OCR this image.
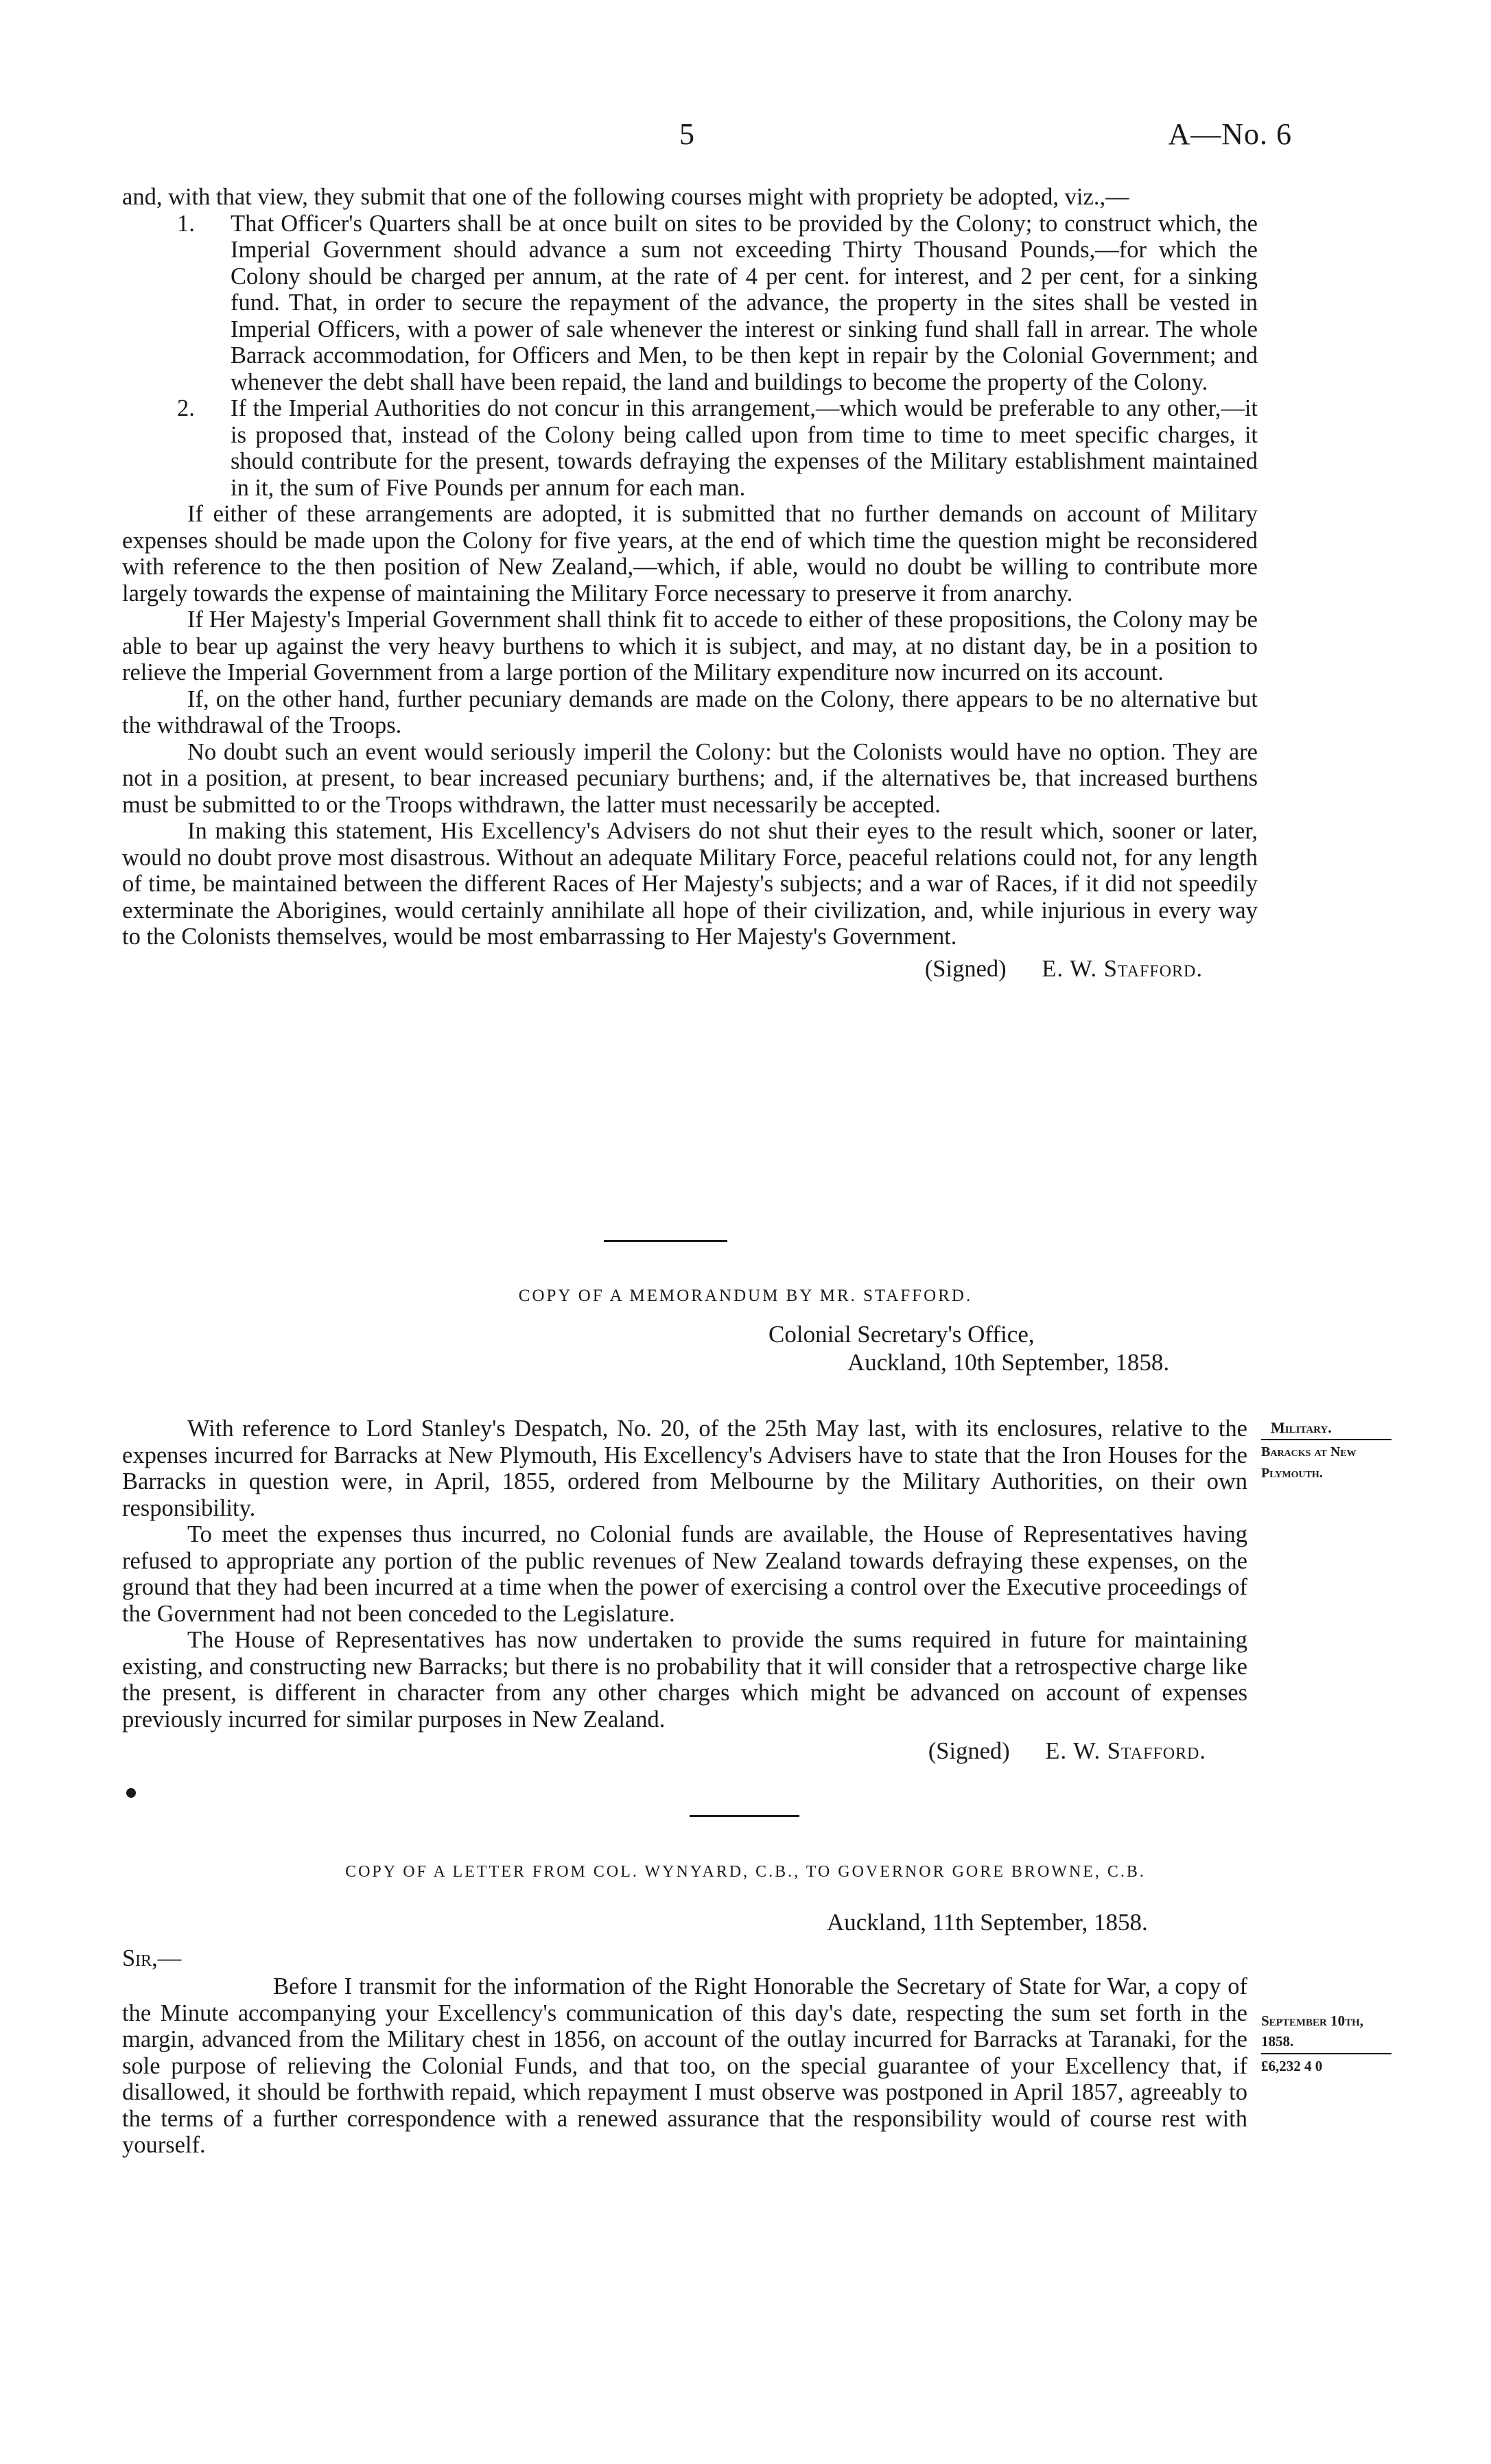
5	A—No. 6

and, with that view, they submit that one of the following courses might with propriety be adopted, viz.,—

1. That Officer's Quarters shall be at once built on sites to be provided by the Colony; to construct which, the Imperial Government should advance a sum not exceeding Thirty Thousand Pounds,—for which the Colony should be charged per annum, at the rate of 4 per cent. for interest, and 2 per cent, for a sinking fund. That, in order to secure the repayment of the advance, the property in the sites shall be vested in Imperial Officers, with a power of sale whenever the interest or sinking fund shall fall in arrear. The whole Barrack accommodation, for Officers and Men, to be then kept in repair by the Colonial Government; and whenever the debt shall have been repaid, the land and buildings to become the property of the Colony.
2. If the Imperial Authorities do not concur in this arrangement,—which would be preferable to any other,—it is proposed that, instead of the Colony being called upon from time to time to meet specific charges, it should contribute for the present, towards defraying the expenses of the Military establishment maintained in it, the sum of Five Pounds per annum for each man.

If either of these arrangements are adopted, it is submitted that no further demands on account of Military expenses should be made upon the Colony for five years, at the end of which time the question might be reconsidered with reference to the then position of New Zealand,—which, if able, would no doubt be willing to contribute more largely towards the expense of maintaining the Military Force necessary to preserve it from anarchy.

If Her Majesty's Imperial Government shall think fit to accede to either of these propositions, the Colony may be able to bear up against the very heavy burthens to which it is subject, and may, at no distant day, be in a position to relieve the Imperial Government from a large portion of the Military expenditure now incurred on its account.

If, on the other hand, further pecuniary demands are made on the Colony, there appears to be no alternative but the withdrawal of the Troops.

No doubt such an event would seriously imperil the Colony: but the Colonists would have no option. They are not in a position, at present, to bear increased pecuniary burthens; and, if the alternatives be, that increased burthens must be submitted to or the Troops withdrawn, the latter must necessarily be accepted.

In making this statement, His Excellency's Advisers do not shut their eyes to the result which, sooner or later, would no doubt prove most disastrous. Without an adequate Military Force, peaceful relations could not, for any length of time, be maintained between the different Races of Her Majesty's subjects; and a war of Races, if it did not speedily exterminate the Aborigines, would certainly annihilate all hope of their civilization, and, while injurious in every way to the Colonists themselves, would be most embarrassing to Her Majesty's Government.

(Signed) E. W. Stafford.

COPY OF A MEMORANDUM BY MR. STAFFORD.
Colonial Secretary's Office,
Auckland, 10th September, 1858.

With reference to Lord Stanley's Despatch, No. 20, of the 25th May last, with its enclosures, relative to the expenses incurred for Barracks at New Plymouth, His Excellency's Advisers have to state that the Iron Houses for the Barracks in question were, in April, 1855, ordered from Melbourne by the Military Authorities, on their own responsibility.

To meet the expenses thus incurred, no Colonial funds are available, the House of Representatives having refused to appropriate any portion of the public revenues of New Zealand towards defraying these expenses, on the ground that they had been incurred at a time when the power of exercising a control over the Executive proceedings of the Government had not been conceded to the Legislature.

The House of Representatives has now undertaken to provide the sums required in future for maintaining existing, and constructing new Barracks; but there is no probability that it will consider that a retrospective charge like the present, is different in character from any other charges which might be advanced on account of expenses previously incurred for similar purposes in New Zealand.

(Signed) E. W. Stafford.

Military.
Baracks at New
Plymouth.
COPY OF A LETTER FROM COL. WYNYARD, C.B., TO GOVERNOR GORE BROWNE, C.B.
Auckland, 11th September, 1858.
Sir,—

Before I transmit for the information of the Right Honorable the Secretary of State for War, a copy of the Minute accompanying your Excellency's communication of this day's date, respecting the sum set forth in the margin, advanced from the Military chest in 1856, on account of the outlay incurred for Barracks at Taranaki, for the sole purpose of relieving the Colonial Funds, and that too, on the special guarantee of your Excellency that, if disallowed, it should be forthwith repaid, which repayment I must observe was postponed in April 1857, agreeably to the terms of a further correspondence with a renewed assurance that the responsibility would of course rest with yourself.

September 10th,
1858.
£6,232 4 0
